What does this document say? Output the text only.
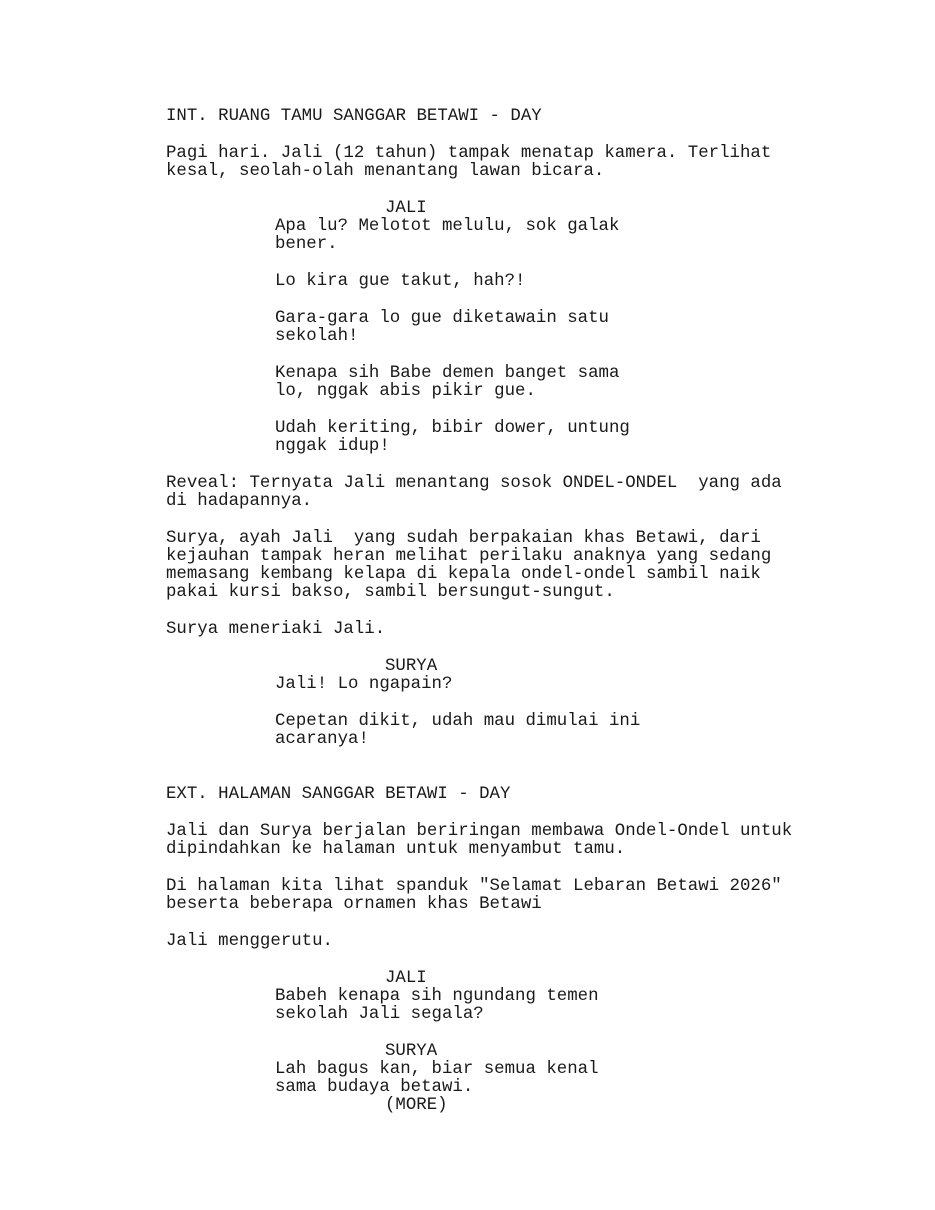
INT. RUANG TAMU SANGGAR BETAWI - DAY
Pagi hari. Jali (12 tahun) tampak menatap kamera. Terlihat
kesal, seolah-olah menantang lawan bicara.
JALI
Apa lu? Melotot melulu, sok galak
bener.
Lo kira gue takut, hah?!
Gara-gara lo gue diketawain satu
sekolah!
Kenapa sih Babe demen banget sama
lo, nggak abis pikir gue.
Udah keriting, bibir dower, untung
nggak idup!
Reveal: Ternyata Jali menantang sosok ONDEL-ONDEL  yang ada
di hadapannya.
Surya, ayah Jali  yang sudah berpakaian khas Betawi, dari
kejauhan tampak heran melihat perilaku anaknya yang sedang
memasang kembang kelapa di kepala ondel-ondel sambil naik
pakai kursi bakso, sambil bersungut-sungut.
Surya meneriaki Jali.
SURYA
Jali! Lo ngapain?
Cepetan dikit, udah mau dimulai ini
acaranya!
EXT. HALAMAN SANGGAR BETAWI - DAY
Jali dan Surya berjalan beriringan membawa Ondel-Ondel untuk
dipindahkan ke halaman untuk menyambut tamu.
Di halaman kita lihat spanduk "Selamat Lebaran Betawi 2026"
beserta beberapa ornamen khas Betawi
Jali menggerutu.
JALI
Babeh kenapa sih ngundang temen
sekolah Jali segala?
SURYA
Lah bagus kan, biar semua kenal
sama budaya betawi.
(MORE)
